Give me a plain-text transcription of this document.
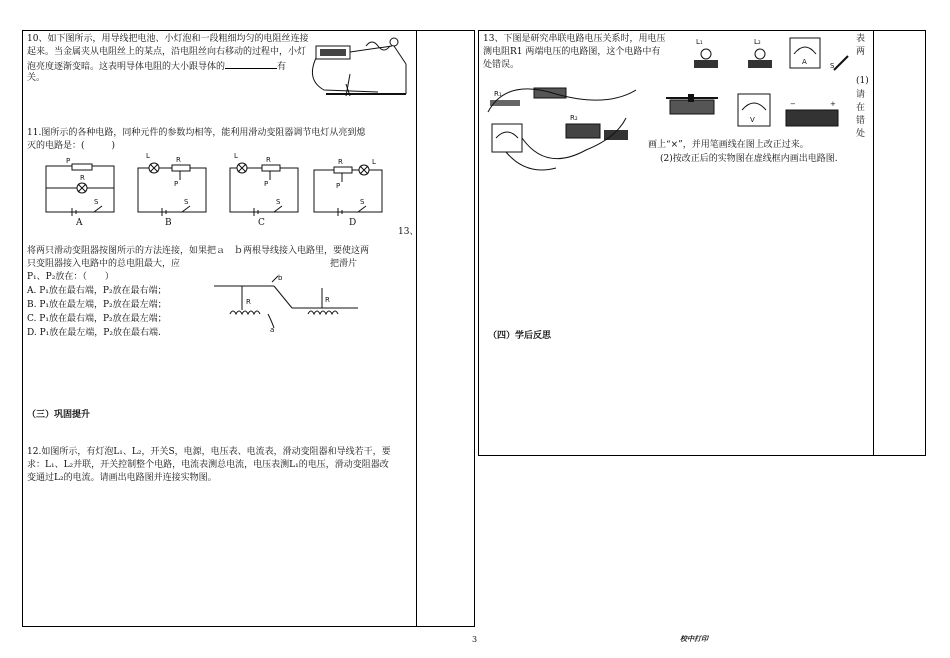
10、如下图所示，用导线把电池、小灯泡和一段粗细均匀的电阻丝连接
起来。当金属夹从电阻丝上的某点，沿电阻丝向右移动的过程中，小灯
泡亮度逐渐变暗。这表明导体电阻的大小跟导体的	有
关。
11.图所示的各种电路，同种元件的参数均相等，能利用滑动变阻器调节电灯从亮到熄
灭的电路是：(　　　)
P
R
S
A
L	R
P
S
B
L	R
P
S
C
R	L
P
S
D
13、
将两只滑动变阻器按图所示的方法连接，如果把ａ　ｂ两根导线接入电路里，要使这两
只变阻器接入电路中的总电阻最大，应	把滑片
P₁、P₂放在：（　　）
A. P₁放在最右端，P₂放在最右端；
B. P₁放在最左端，P₂放在最左端；
C. P₁放在最右端，P₂放在最左端；
D. P₁放在最左端，P₂放在最右端.
b
a
R	R
（三）巩固提升
12.如图所示，有灯泡L₁、L₂，开关S，电源，电压表、电流表，滑动变阻器和导线若干，要
求：L₁、L₂并联，开关控制整个电路，电流表测总电流，电压表测L₁的电压，滑动变阻器改
变通过L₂的电流。请画出电路图并连接实物图。
13、下图是研究串联电路电压关系时，用电压
测电阻R1 两端电压的电路图，这个电路中有
处错误。
表
两
(1)
请
在
错
处
L₁	L₂
A	S
V
−	+
R₁
R₂
画上“×”，并用笔画线在图上改正过来。
(2)按改正后的实物图在虚线框内画出电路图.
（四）学后反思
3	校中打印
